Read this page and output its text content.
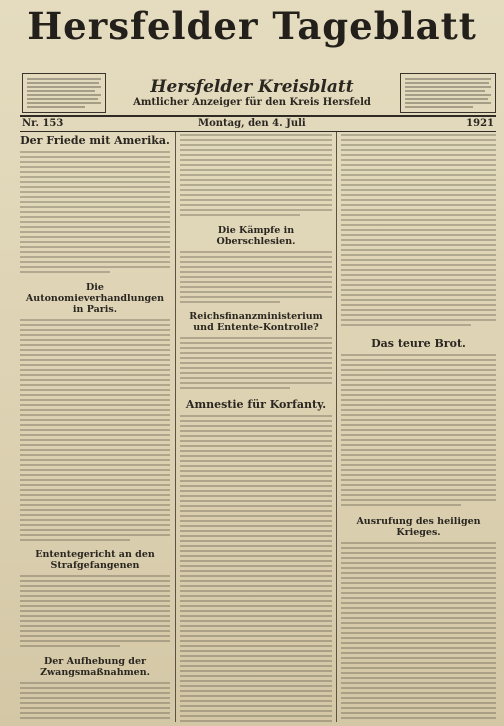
Hersfelder Tageblatt
Hersfelder Kreisblatt
Amtlicher Anzeiger für den Kreis Hersfeld
Nr. 153	Montag, den 4. Juli	1921
Der Friede mit Amerika.
Die Autonomieverhandlungen in Paris.
Ententegericht an den Strafgefangenen
Der Aufhebung der Zwangsmaßnahmen.
Die Kämpfe in Oberschlesien.
Reichsfinanzministerium und Entente-Kontrolle?
Amnestie für Korfanty.
Das teure Brot.
Ausrufung des heiligen Krieges.
